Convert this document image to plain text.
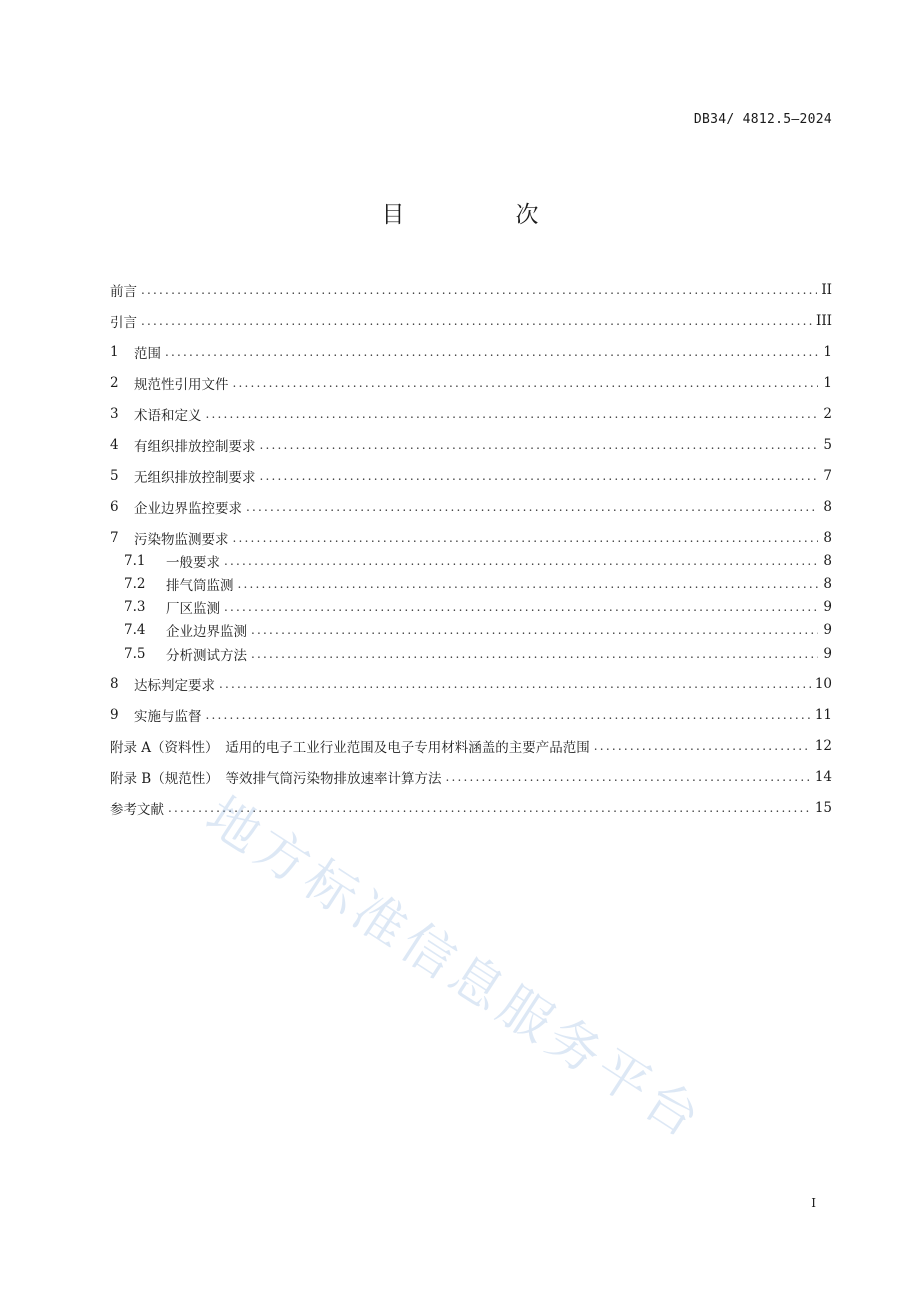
DB34/ 4812.5—2024
目　次
前言 .....	II
引言 .....	III
1	范围 .....	1
2	规范性引用文件 .....	1
3	术语和定义 .....	2
4	有组织排放控制要求 .....	5
5	无组织排放控制要求 .....	7
6	企业边界监控要求 .....	8
7	污染物监测要求 .....	8
7.1	一般要求 .....	8
7.2	排气筒监测 .....	8
7.3	厂区监测 .....	9
7.4	企业边界监测 .....	9
7.5	分析测试方法 .....	9
8	达标判定要求 .....	10
9	实施与监督 .....	11
附录 A（资料性）　适用的电子工业行业范围及电子专用材料涵盖的主要产品范围 .....	12
附录 B（规范性）　等效排气筒污染物排放速率计算方法 .....	14
参考文献 .....	15
地方标准信息服务平台
I
